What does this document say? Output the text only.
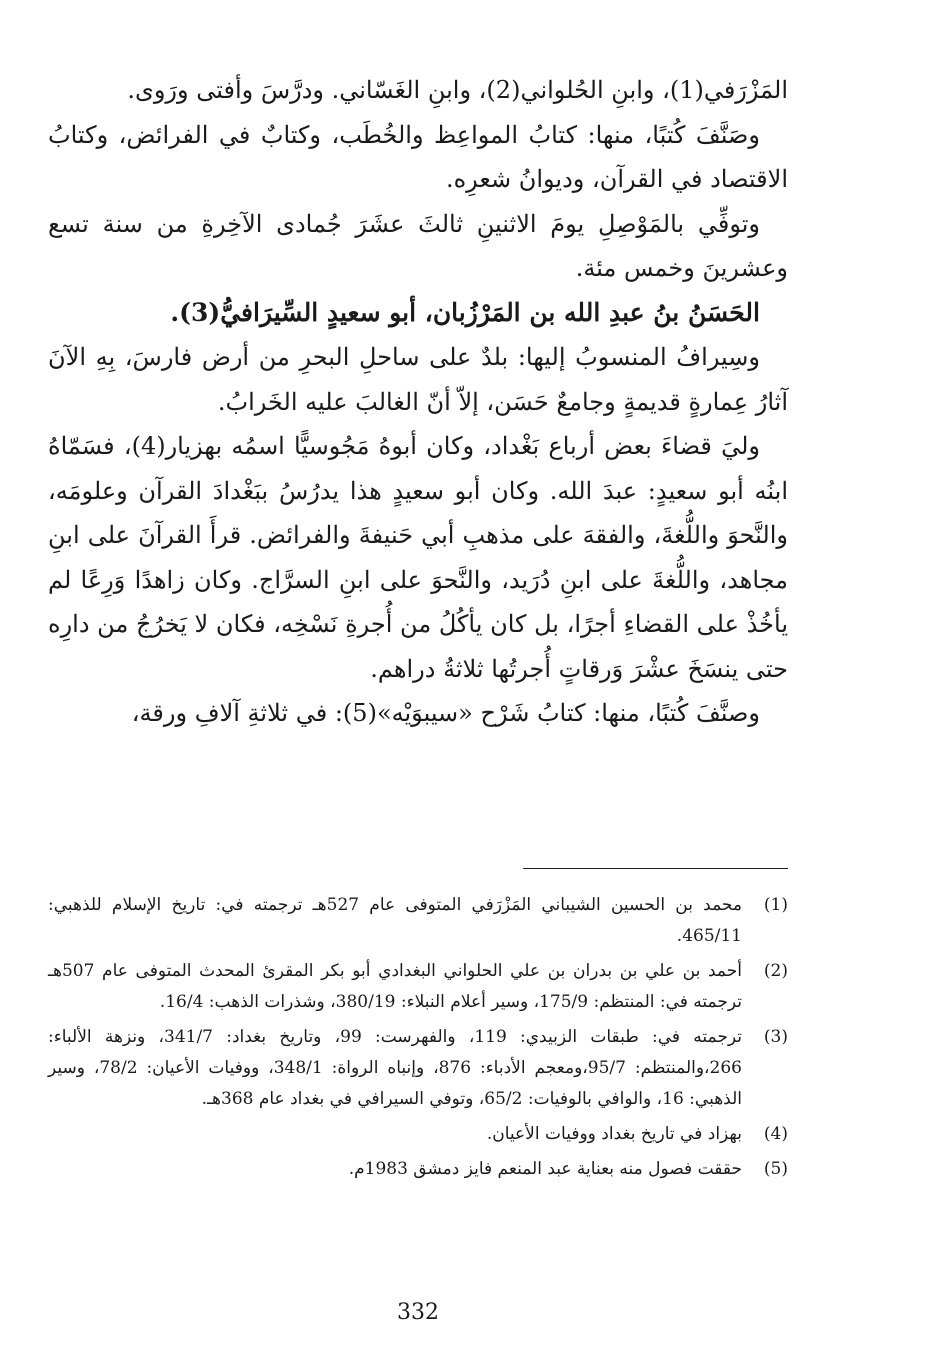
المَزْرَفي(1)، وابنِ الحُلواني(2)، وابنِ الغَسّاني. ودرَّسَ وأفتى ورَوى.

وصَنَّفَ كُتبًا، منها: كتابُ المواعِظ والخُطَب، وكتابٌ في الفرائض، وكتابُ الاقتصاد في القرآن، وديوانُ شعرِه.

وتوفِّي بالمَوْصِلِ يومَ الاثنينِ ثالثَ عشَرَ جُمادى الآخِرةِ من سنة تسع وعشرينَ وخمس مئة.

الحَسَنُ بنُ عبدِ الله بن المَرْزُبان، أبو سعيدٍ السِّيرَافيُّ(3).

وسِيرافُ المنسوبُ إليها: بلدٌ على ساحلِ البحرِ من أرض فارسَ، بِهِ الآنَ آثارُ عِمارةٍ قديمةٍ وجامعٌ حَسَن، إلاّ أنّ الغالبَ عليه الخَرابُ.

وليَ قضاءَ بعض أرباع بَغْداد، وكان أبوهُ مَجُوسيًّا اسمُه بهزيار(4)، فسَمّاهُ ابنُه أبو سعيدٍ: عبدَ الله. وكان أبو سعيدٍ هذا يدرُسُ ببَغْدادَ القرآن وعلومَه، والنَّحوَ واللُّغةَ، والفقهَ على مذهبِ أبي حَنيفةَ والفرائض. قرأَ القرآنَ على ابنِ مجاهد، واللُّغةَ على ابنِ دُرَيد، والنَّحوَ على ابنِ السرَّاج. وكان زاهدًا وَرِعًا لم يأخُذْ على القضاءِ أجرًا، بل كان يأكُلُ من أُجرةِ نَسْخِه، فكان لا يَخرُجُ من دارِه حتى ينسَخَ عشْرَ وَرقاتٍ أُجرتُها ثلاثةُ دراهم.

وصنَّفَ كُتبًا، منها: كتابُ شَرْح «سيبوَيْه»(5): في ثلاثةِ آلافِ ورقة،

(1)
محمد بن الحسين الشيباني المَزْرَفي المتوفى عام 527هـ ترجمته في: تاريخ الإسلام للذهبي: 465/11.
(2)
أحمد بن علي بن بدران بن علي الحلواني البغدادي أبو بكر المقرئ المحدث المتوفى عام 507هـ ترجمته في: المنتظم: 175/9، وسير أعلام النبلاء: 380/19، وشذرات الذهب: 16/4.
(3)
ترجمته في: طبقات الزبيدي: 119، والفهرست: 99، وتاريخ بغداد: 341/7، ونزهة الألباء: 266،والمنتظم: 95/7،ومعجم الأدباء: 876، وإنباه الرواة: 348/1، ووفيات الأعيان: 78/2، وسير الذهبي: 16، والوافي بالوفيات: 65/2، وتوفي السيرافي في بغداد عام 368هـ.
(4)
بهزاد في تاريخ بغداد ووفيات الأعيان.
(5)
حققت فصول منه بعناية عبد المنعم فايز دمشق 1983م.
332
